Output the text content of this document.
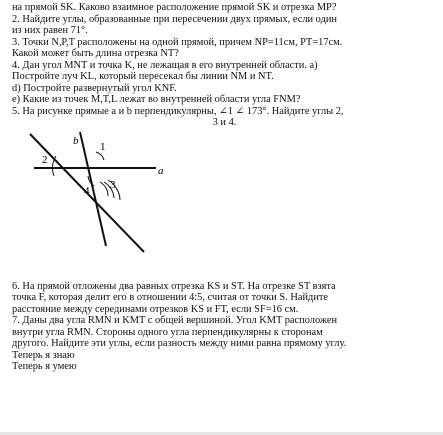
на прямой SK. Каково взаимное расположение прямой SK и отрезка MP?
2. Найдите углы, образованные при пересечении двух прямых, если один
из них равен 71°.
3. Точки N,P,T расположены на одной прямой, причем NP=11см, PT=17см.
Какой может быть длина отрезка NT?
4. Дан угол MNT и точка K, не лежащая в его внутренней области. a)
Постройте луч KL, который пересекал бы линии NM и NT.
d) Постройте развернутый угол KNF.
e) Какие из точек M,T,L лежат во внутренней области угла FNM?
5. На рисунке прямые a и b перпендикулярны, ∠1 ∠ 173°. Найдите углы 2,
3 и 4.
b
2
1
a
4 3
6. На прямой отложены два равных отрезка KS и ST. На отрезке ST взята
точка F, которая делит его в отношении 4:5, считая от точки S. Найдите
расстояние между серединами отрезков KS и FT, если SF=16 см.
7. Даны два угла RMN и KMT с общей вершиной. Угол KMT расположен
внутри угла RMN. Стороны одного угла перпендикулярны к сторонам
другого. Найдите эти углы, если разность между ними равна прямому углу.
Теперь я знаю
Теперь я умею
